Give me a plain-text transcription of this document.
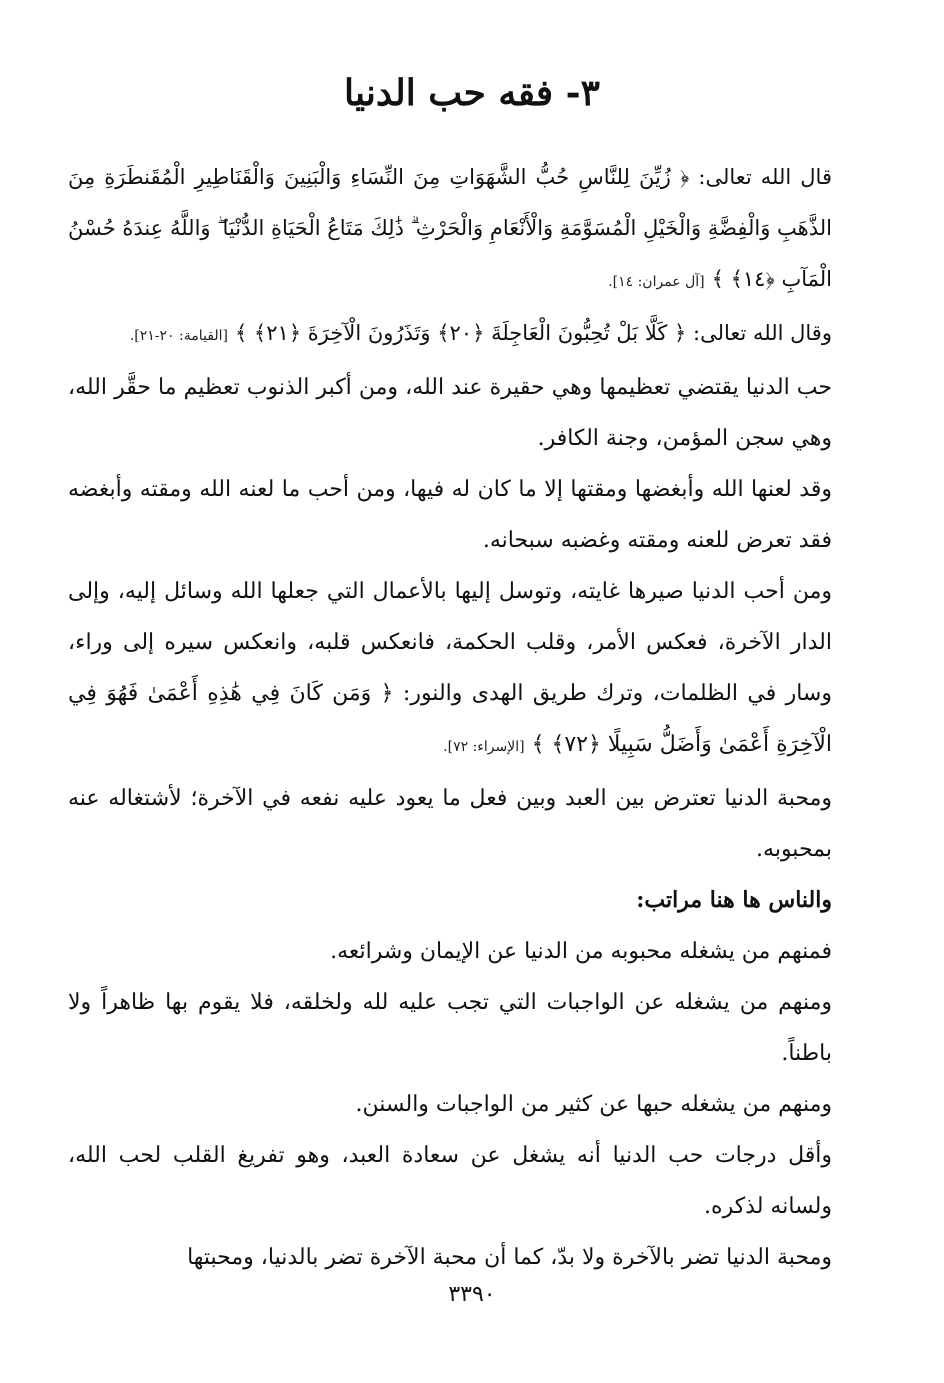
٣- فقه حب الدنيا

قال الله تعالى: ﴿ زُيِّنَ لِلنَّاسِ حُبُّ الشَّهَوَاتِ مِنَ النِّسَاءِ وَالْبَنِينَ وَالْقَنَاطِيرِ الْمُقَنطَرَةِ مِنَ الذَّهَبِ وَالْفِضَّةِ وَالْخَيْلِ الْمُسَوَّمَةِ وَالْأَنْعَامِ وَالْحَرْثِ ۗ ذَٰلِكَ مَتَاعُ الْحَيَاةِ الدُّنْيَا ۖ وَاللَّهُ عِندَهُ حُسْنُ الْمَآبِ ﴿١٤﴾ ﴾ [آل عمران: ١٤].

وقال الله تعالى: ﴿ كَلَّا بَلْ تُحِبُّونَ الْعَاجِلَةَ ﴿٢٠﴾ وَتَذَرُونَ الْآخِرَةَ ﴿٢١﴾ ﴾ [القيامة: ٢٠-٢١].

حب الدنيا يقتضي تعظيمها وهي حقيرة عند الله، ومن أكبر الذنوب تعظيم ما حقَّر الله، وهي سجن المؤمن، وجنة الكافر.

وقد لعنها الله وأبغضها ومقتها إلا ما كان له فيها، ومن أحب ما لعنه الله ومقته وأبغضه فقد تعرض للعنه ومقته وغضبه سبحانه.

ومن أحب الدنيا صيرها غايته، وتوسل إليها بالأعمال التي جعلها الله وسائل إليه، وإلى الدار الآخرة، فعكس الأمر، وقلب الحكمة، فانعكس قلبه، وانعكس سيره إلى وراء، وسار في الظلمات، وترك طريق الهدى والنور: ﴿ وَمَن كَانَ فِي هَٰذِهِ أَعْمَىٰ فَهُوَ فِي الْآخِرَةِ أَعْمَىٰ وَأَضَلُّ سَبِيلًا ﴿٧٢﴾ ﴾ [الإسراء: ٧٢].

ومحبة الدنيا تعترض بين العبد وبين فعل ما يعود عليه نفعه في الآخرة؛ لأشتغاله عنه بمحبوبه.

والناس ها هنا مراتب:

فمنهم من يشغله محبوبه من الدنيا عن الإيمان وشرائعه.

ومنهم من يشغله عن الواجبات التي تجب عليه لله ولخلقه، فلا يقوم بها ظاهراً ولا باطناً.

ومنهم من يشغله حبها عن كثير من الواجبات والسنن.

وأقل درجات حب الدنيا أنه يشغل عن سعادة العبد، وهو تفريغ القلب لحب الله، ولسانه لذكره.

ومحبة الدنيا تضر بالآخرة ولا بدّ، كما أن محبة الآخرة تضر بالدنيا، ومحبتها

٣٣٩٠
